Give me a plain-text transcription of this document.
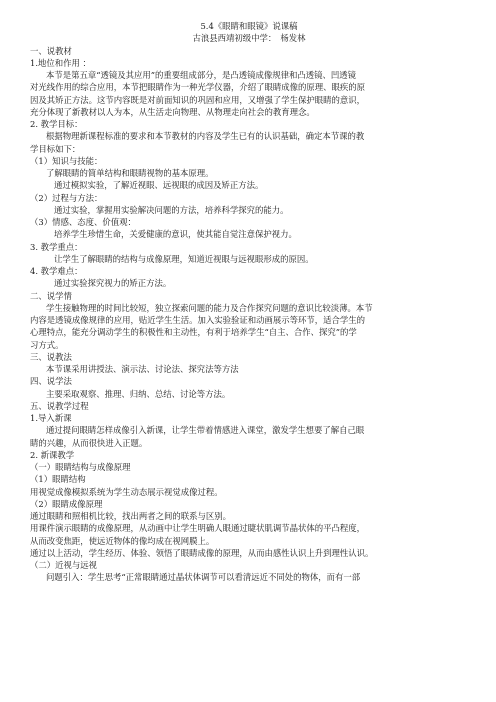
5.4《眼睛和眼镜》说课稿
古浪县西靖初级中学：　杨发林
一、说教材
1.地位和作用 ：
本节是第五章“透镜及其应用”的重要组成部分，是凸透镜成像规律和凸透镜、凹透镜
对光线作用的综合应用，本节把眼睛作为一种光学仪器，介绍了眼睛成像的原理、眼疾的原
因及其矫正方法。这节内容既是对前面知识的巩固和应用，又增强了学生保护眼睛的意识，
充分体现了新教材以人为本，从生活走向物理、从物理走向社会的教育理念。
2. 教学目标：
根据物理新课程标准的要求和本节教材的内容及学生已有的认识基础，确定本节课的教
学目标如下：
（1）知识与技能：
了解眼睛的简单结构和眼睛视物的基本原理。
通过模拟实验，了解近视眼、远视眼的成因及矫正方法。
（2）过程与方法：
通过实验，掌握用实验解决问题的方法，培养科学探究的能力。
（3）情感、态度、价值观：
培养学生珍惜生命，关爱健康的意识，使其能自觉注意保护视力。
3. 教学重点：
让学生了解眼睛的结构与成像原理，知道近视眼与远视眼形成的原因。
4. 教学难点：
通过实验探究视力的矫正方法。
二、说学情
学生接触物理的时间比较短，独立探索问题的能力及合作探究问题的意识比较淡薄。本节
内容是透镜成像规律的应用，贴近学生生活。加入实验验证和动画展示等环节，适合学生的
心理特点，能充分调动学生的积极性和主动性，有利于培养学生“自主、合作、探究”的学
习方式。
三、说教法
本节课采用讲授法、演示法、讨论法、探究法等方法
四、说学法
主要采取观察、推理、归纳、总结、讨论等方法。
五、说教学过程
1.导入新课
通过提问眼睛怎样成像引入新课，让学生带着情感进入课堂，激发学生想要了解自己眼
睛的兴趣，从而很快进入正题。
2. 新课教学
（一）眼睛结构与成像原理
（1）眼睛结构
用视觉成像模拟系统为学生动态展示视觉成像过程。
（2）眼睛成像原理
通过眼睛和照相机比较，找出两者之间的联系与区别。
用课件演示眼睛的成像原理，从动画中让学生明确人眼通过睫状肌调节晶状体的平凸程度，
从而改变焦距，使远近物体的像均成在视网膜上。
通过以上活动，学生经历、体验、领悟了眼睛成像的原理，从而由感性认识上升到理性认识。
（二）近视与远视
问题引入：学生思考“正常眼睛通过晶状体调节可以看清远近不同处的物体，而有一部
